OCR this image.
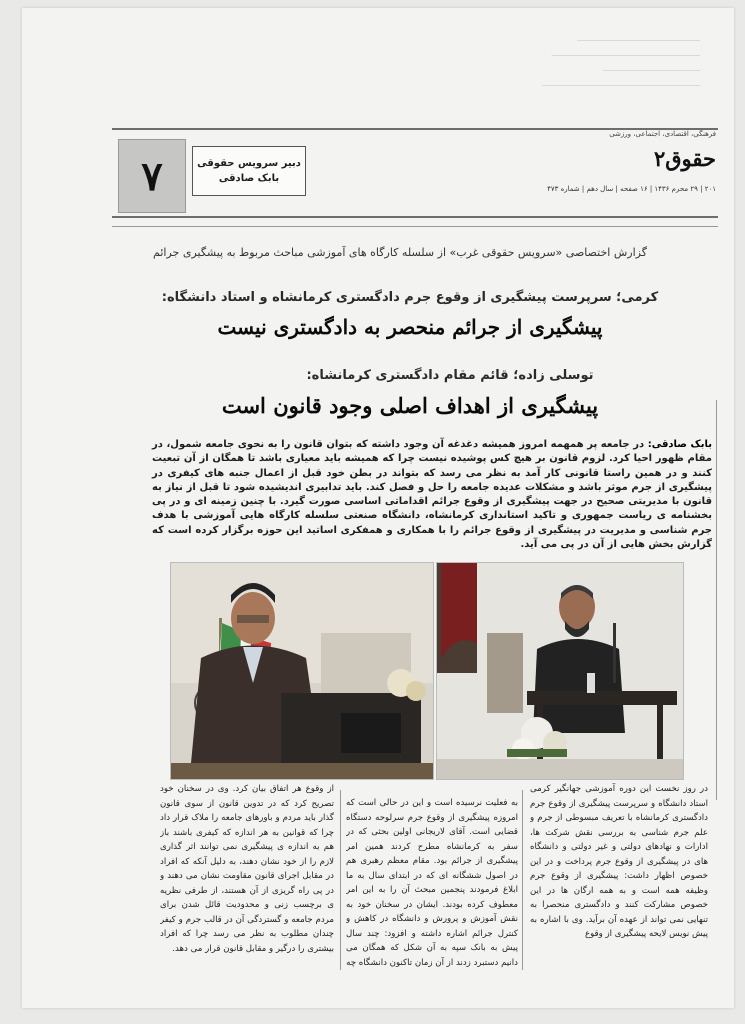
ــــــــــــــــــــــــــــــــــــــ
ــــــــــــــــــــــــــــــــــــــــــــــ
ــــــــــــــــــــــــــــــ
ـــــــــــــــــــــــــــــــــــــــــــــــــ
۷	دبیر سرویس حقوقی
بابک صادقی
فرهنگی، اقتصادی، اجتماعی، ورزشی
حقوق۲
۲۰۱ | ۲۹ محرم ۱۴۳۶ | ۱۶ صفحه | سال دهم | شماره ۴۷۳
گزارش اختصاصی «سرویس حقوقی غرب» از سلسله کارگاه های آموزشی مباحث مربوط به پیشگیری جرائم
کرمی؛ سرپرست پیشگیری از وقوع جرم دادگستری کرمانشاه و استاد دانشگاه:
پیشگیری از جرائم منحصر به دادگستری نیست
توسلی زاده؛ قائم مقام دادگستری کرمانشاه:
پیشگیری از اهداف اصلی وجود قانون است
بابک صادقی: در جامعه پر همهمه امروز همیشه دغدغه آن وجود داشته که بتوان قانون را به نحوی جامعه شمول، در مقام ظهور احیا کرد. لزوم قانون بر هیچ کس پوشیده نیست چرا که همیشه باید معیاری باشد تا همگان از آن تبعیت کنند و در همین راستا قانونی کار آمد به نظر می رسد که بتواند در بطن خود قبل از اعمال جنبه های کیفری در پیشگیری از جرم موثر باشد و مشکلات عدیده جامعه را حل و فصل کند. باید تدابیری اندیشیده شود تا قبل از نیاز به قانون با مدیریتی صحیح در جهت پیشگیری از وقوع جرائم اقداماتی اساسی صورت گیرد. با چنین زمینه ای و در پی بخشنامه ی ریاست جمهوری و تاکید استانداری کرمانشاه، دانشگاه صنعتی سلسله کارگاه هایی آموزشی با هدف جرم شناسی و مدیریت در پیشگیری از وقوع جرائم را با همکاری و همفکری اساتید این حوزه برگزار کرده است که گزارش بخش هایی از آن در پی می آید.
در روز نخست این دوره آموزشی جهانگیر کرمی استاد دانشگاه و سرپرست پیشگیری از وقوع جرم دادگستری کرمانشاه با تعریف مبسوطی از جرم و علم جرم شناسی به بررسی نقش شرکت ها، ادارات و نهادهای دولتی و غیر دولتی و دانشگاه های در پیشگیری از وقوع جرم پرداخت و در این خصوص اظهار داشت: پیشگیری از وقوع جرم وظیفه همه است و به همه ارگان ها در این خصوص مشارکت کنند و دادگستری منحصرا به تنهایی نمی تواند از عهده آن برآید. وی با اشاره به پیش نویس لایحه پیشگیری از وقوع
به فعلیت نرسیده است و این در حالی است که امروزه پیشگیری از وقوع جرم سرلوحه دستگاه قضایی است. آقای لاریجانی اولین بحثی که در سفر به کرمانشاه مطرح کردند همین امر پیشگیری از جرائم بود. مقام معظم رهبری هم در اصول ششگانه ای که در ابتدای سال به ما ابلاغ فرمودند پنجمین مبحث آن را به این امر معطوف کرده بودند. ایشان در سخنان خود به نقش آموزش و پرورش و دانشگاه در کاهش و کنترل جرائم اشاره داشته و افزود: چند سال پیش به بانک سپه به آن شکل که همگان می دانیم دستبرد زدند از آن زمان تاکنون دانشگاه چه
از وقوع هر اتفاق بیان کرد. وی در سخنان خود تصریح کرد که در تدوین قانون از سوی قانون گذار باید مردم و باورهای جامعه را ملاک قرار داد چرا که قوانین به هر اندازه که کیفری باشند باز هم به اندازه ی پیشگیری نمی توانند اثر گذاری لازم را از خود نشان دهند، به دلیل آنکه که افراد در مقابل اجرای قانون مقاومت نشان می دهند و در پی راه گریزی از آن هستند، از طرفی نظریه ی برچسب زنی و محدودیت قائل شدن برای مردم جامعه و گستردگی آن در قالب جرم و کیفر چندان مطلوب به نظر می رسد چرا که افراد بیشتری را درگیر و مقابل قانون قرار می دهد.
